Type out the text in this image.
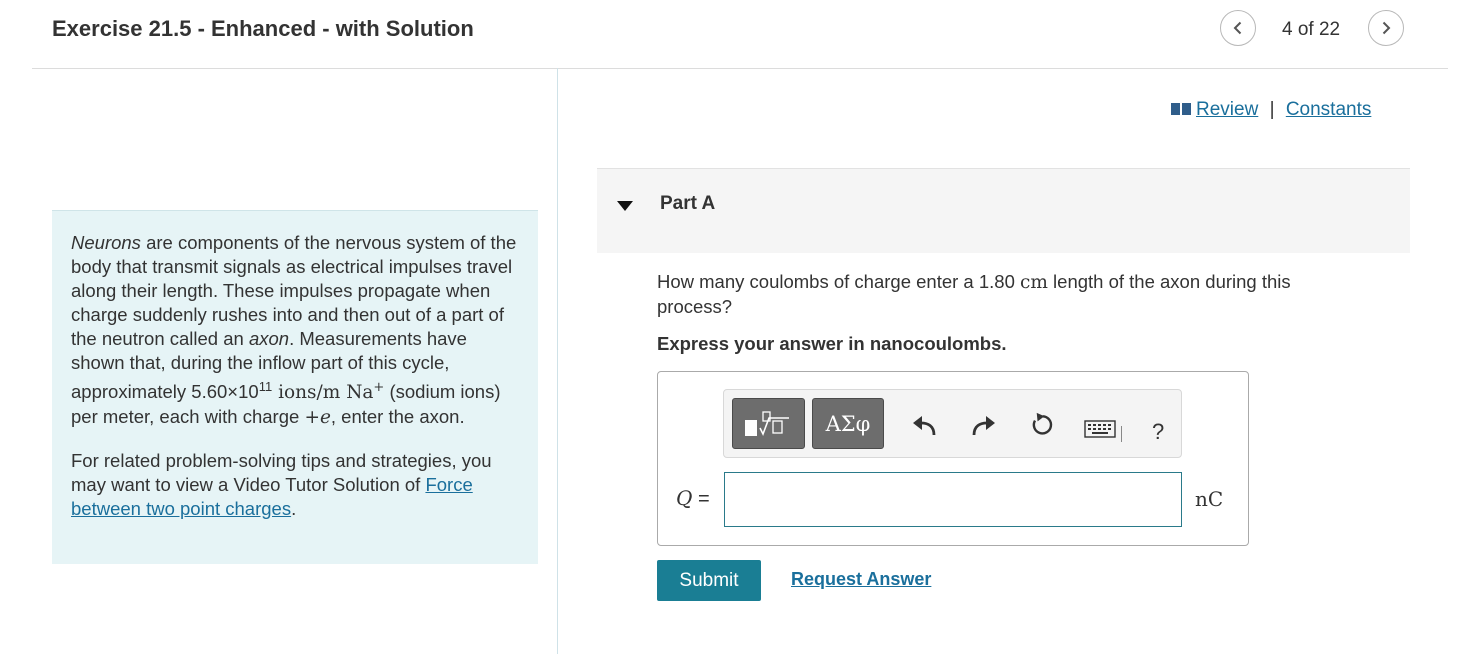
Exercise 21.5 - Enhanced - with Solution	4 of 22

Neurons are components of the nervous system of the body that transmit signals as electrical impulses travel along their length. These impulses propagate when charge suddenly rushes into and then out of a part of the neutron called an axon. Measurements have shown that, during the inflow part of this cycle, approximately $5.60\times 10^{11}$ ions/m Na+ (sodium ions) per meter, each with charge +e, enter the axon.

For related problem-solving tips and strategies, you may want to view a Video Tutor Solution of Force between two point charges.

Review | Constants
Part A
How many coulombs of charge enter a 1.80 cm length of the axon during this process?
Express your answer in nanocoulombs.
ΑΣφ	?
Q =	nC
Submit	Request Answer
